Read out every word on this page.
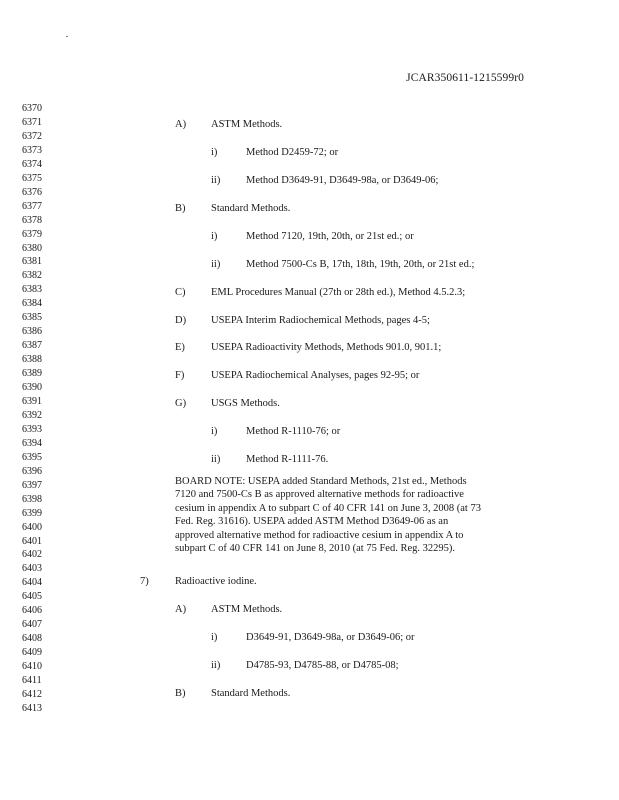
JCAR350611-1215599r0
6370
6371
6372
6373
6374
6375
6376
6377
6378
6379
6380
6381
6382
6383
6384
6385
6386
6387
6388
6389
6390
6391
6392
6393
6394
6395
6396
6397
6398
6399
6400
6401
6402
6403
6404
6405
6406
6407
6408
6409
6410
6411
6412
6413
A) ASTM Methods.
i)	Method D2459-72; or
ii) Method D3649-91, D3649-98a, or D3649-06;
B) Standard Methods.
i)	Method 7120, 19th, 20th, or 21st ed.; or
ii) Method 7500-Cs B, 17th, 18th, 19th, 20th, or 21st ed.;
C) EML Procedures Manual (27th or 28th ed.), Method 4.5.2.3;
D) USEPA Interim Radiochemical Methods, pages 4-5;
E) USEPA Radioactivity Methods, Methods 901.0, 901.1;
F)	USEPA Radiochemical Analyses, pages 92-95; or
G) USGS Methods.
i)	Method R-1110-76; or
ii) Method R-1111-76.
BOARD NOTE: USEPA added Standard Methods, 21st ed., Methods
7120 and 7500-Cs B as approved alternative methods for radioactive
cesium in appendix A to subpart C of 40 CFR 141 on June 3, 2008 (at 73
Fed. Reg. 31616). USEPA added ASTM Method D3649-06 as an
approved alternative method for radioactive cesium in appendix A to
subpart C of 40 CFR 141 on June 8, 2010 (at 75 Fed. Reg. 32295).
7)	Radioactive iodine.
A) ASTM Methods.
i)	D3649-91, D3649-98a, or D3649-06; or
ii) D4785-93, D4785-88, or D4785-08;
B) Standard Methods.
